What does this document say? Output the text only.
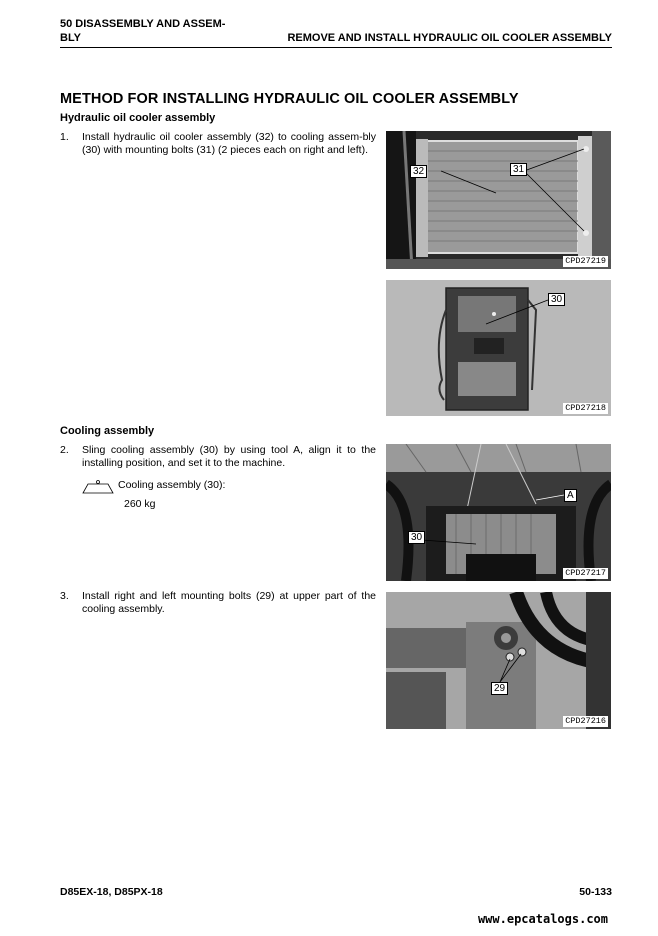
50 DISASSEMBLY AND ASSEM-
BLY	REMOVE AND INSTALL HYDRAULIC OIL COOLER ASSEMBLY
METHOD FOR INSTALLING HYDRAULIC OIL COOLER ASSEMBLY
Hydraulic oil cooler assembly
1. Install hydraulic oil cooler assembly (32) to cooling assem-bly (30) with mounting bolts (31) (2 pieces each on right and left).
Cooling assembly
2. Sling cooling assembly (30) by using tool A, align it to the installing position, and set it to the machine.
Cooling assembly (30):
260 kg
3. Install right and left mounting bolts (29) at upper part of the cooling assembly.
32	31
CPD27219
30
CPD27218
A
30
CPD27217
29
CPD27216
D85EX-18, D85PX-18	50-133
www.epcatalogs.com
